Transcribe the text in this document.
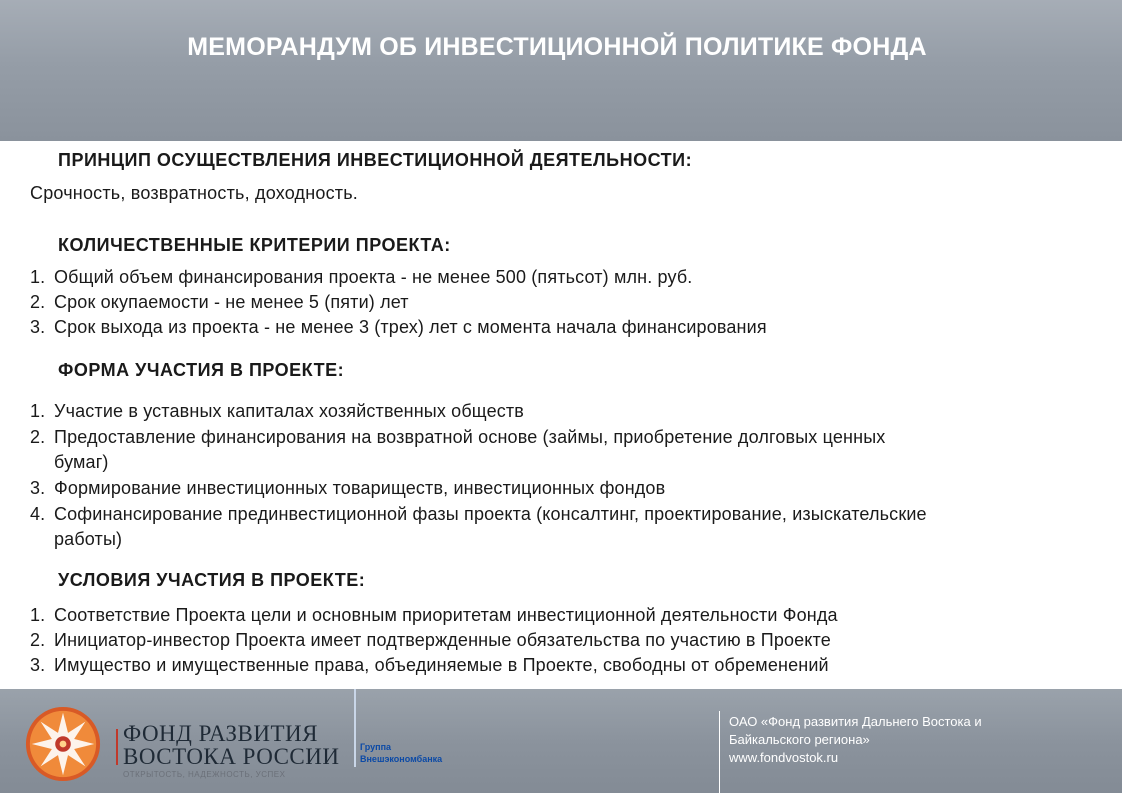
МЕМОРАНДУМ ОБ ИНВЕСТИЦИОННОЙ ПОЛИТИКЕ ФОНДА
ПРИНЦИП ОСУЩЕСТВЛЕНИЯ ИНВЕСТИЦИОННОЙ ДЕЯТЕЛЬНОСТИ:
Срочность, возвратность, доходность.
КОЛИЧЕСТВЕННЫЕ КРИТЕРИИ ПРОЕКТА:
1. Общий объем финансирования проекта - не менее 500 (пятьсот) млн. руб.
2. Срок окупаемости - не менее 5 (пяти) лет
3. Срок выхода из проекта - не менее 3 (трех) лет с момента начала финансирования
ФОРМА УЧАСТИЯ В ПРОЕКТЕ:
1. Участие в уставных капиталах хозяйственных обществ
2. Предоставление финансирования на возвратной основе (займы, приобретение долговых ценных
бумаг)
3. Формирование инвестиционных товариществ, инвестиционных фондов
4. Софинансирование прединвестиционной фазы проекта (консалтинг, проектирование, изыскательские
работы)
УСЛОВИЯ УЧАСТИЯ В ПРОЕКТЕ:
1. Соответствие Проекта цели и основным приоритетам инвестиционной деятельности Фонда
2. Инициатор-инвестор Проекта имеет подтвержденные обязательства по участию в Проекте
3. Имущество и имущественные права, объединяемые в Проекте, свободны от обременений
ФОНД РАЗВИТИЯ
ВОСТОКА РОССИИ
ОТКРЫТОСТЬ, НАДЕЖНОСТЬ, УСПЕХ
Группа
Внешэкономбанка
ОАО «Фонд развития Дальнего Востока и
Байкальского региона»
www.fondvostok.ru
